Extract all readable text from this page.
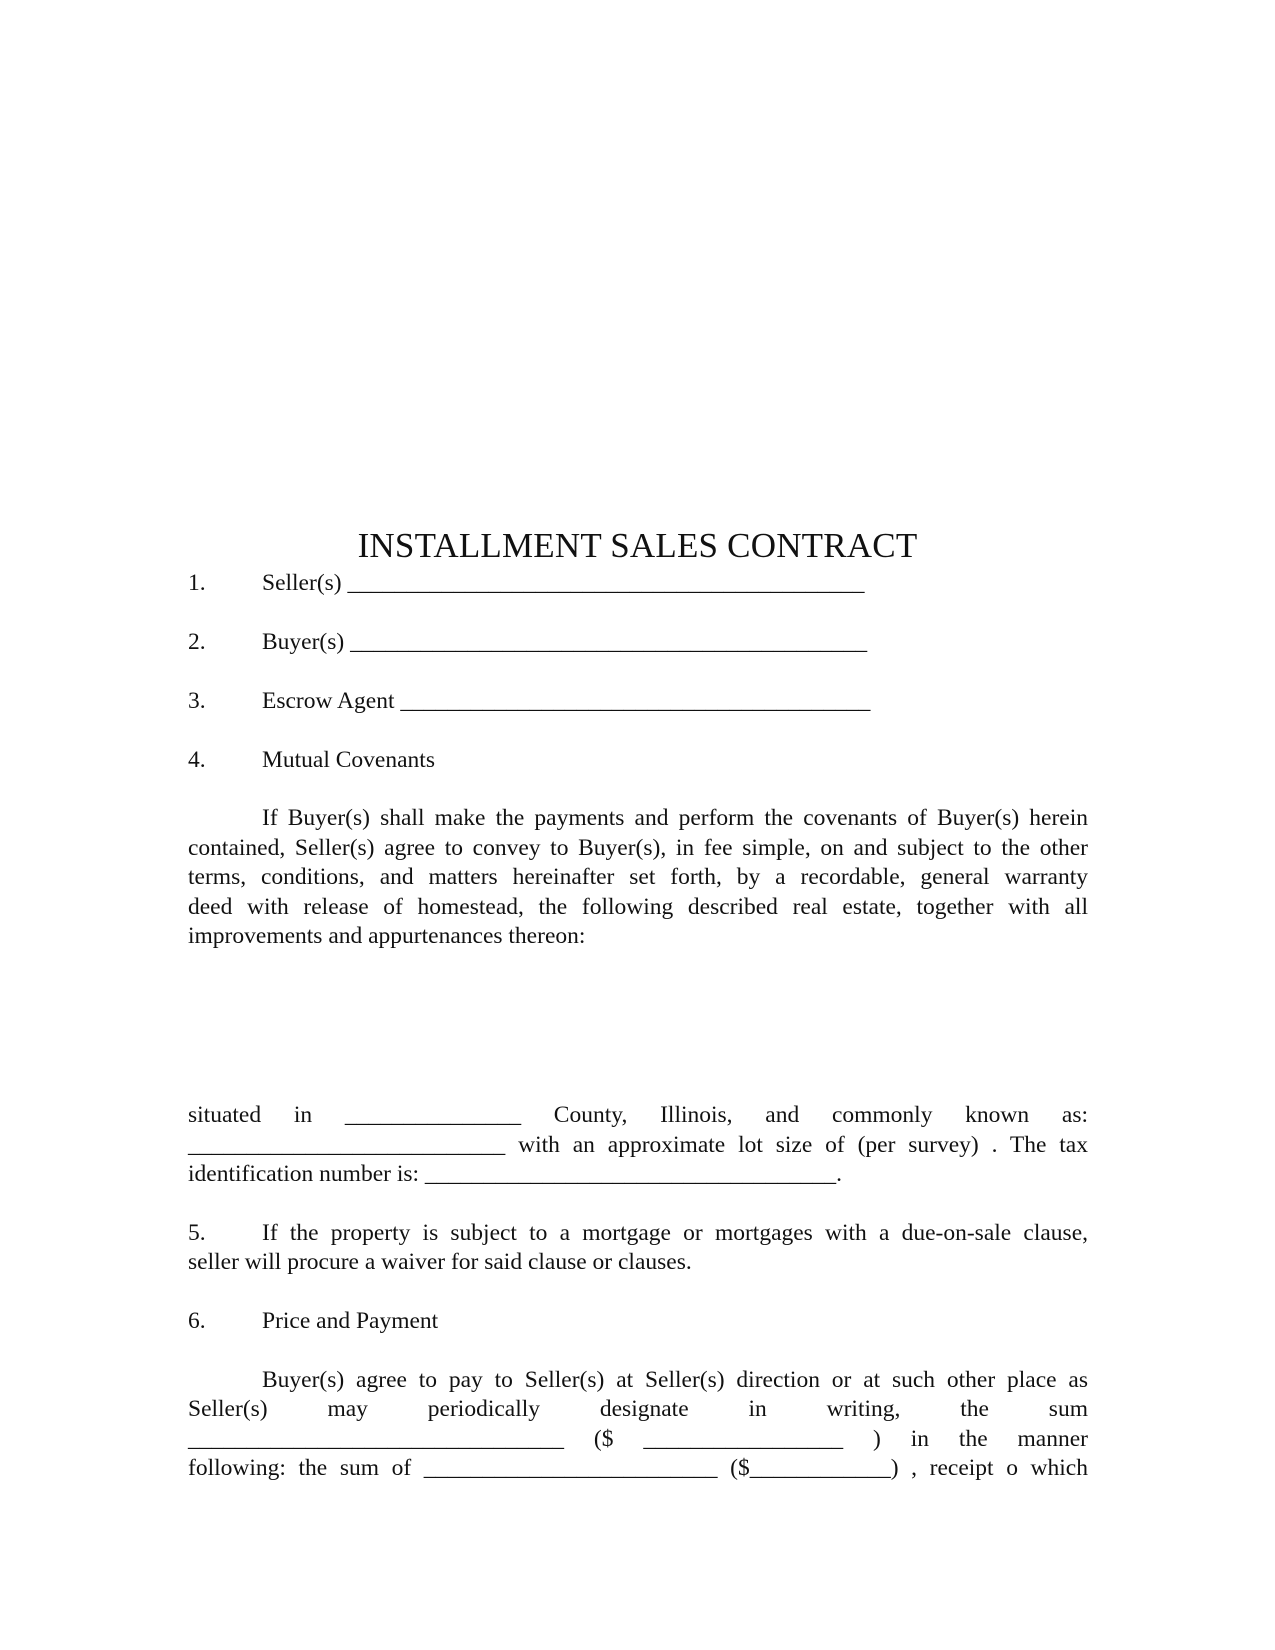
INSTALLMENT SALES CONTRACT
1. Seller(s) ____________________________________________
2. Buyer(s) ____________________________________________
3. Escrow Agent ________________________________________
4. Mutual Covenants
If Buyer(s) shall make the payments and perform the covenants of Buyer(s) herein
contained, Seller(s) agree to convey to Buyer(s), in fee simple, on and subject to the other
terms, conditions, and matters hereinafter set forth, by a recordable, general warranty
deed with release of homestead, the following described real estate, together with all
improvements and appurtenances thereon:
situated in _______________ County, Illinois, and commonly known as:
___________________________ with an approximate lot size of (per survey) . The tax
identification number is: ___________________________________.
5. If the property is subject to a mortgage or mortgages with a due-on-sale clause,
seller will procure a waiver for said clause or clauses.
6. Price and Payment
Buyer(s) agree to pay to Seller(s) at Seller(s) direction or at such other place as
Seller(s) may periodically designate in writing, the sum
________________________________ ($ _________________ ) in the manner
following: the sum of _________________________ ($____________) , receipt o which
